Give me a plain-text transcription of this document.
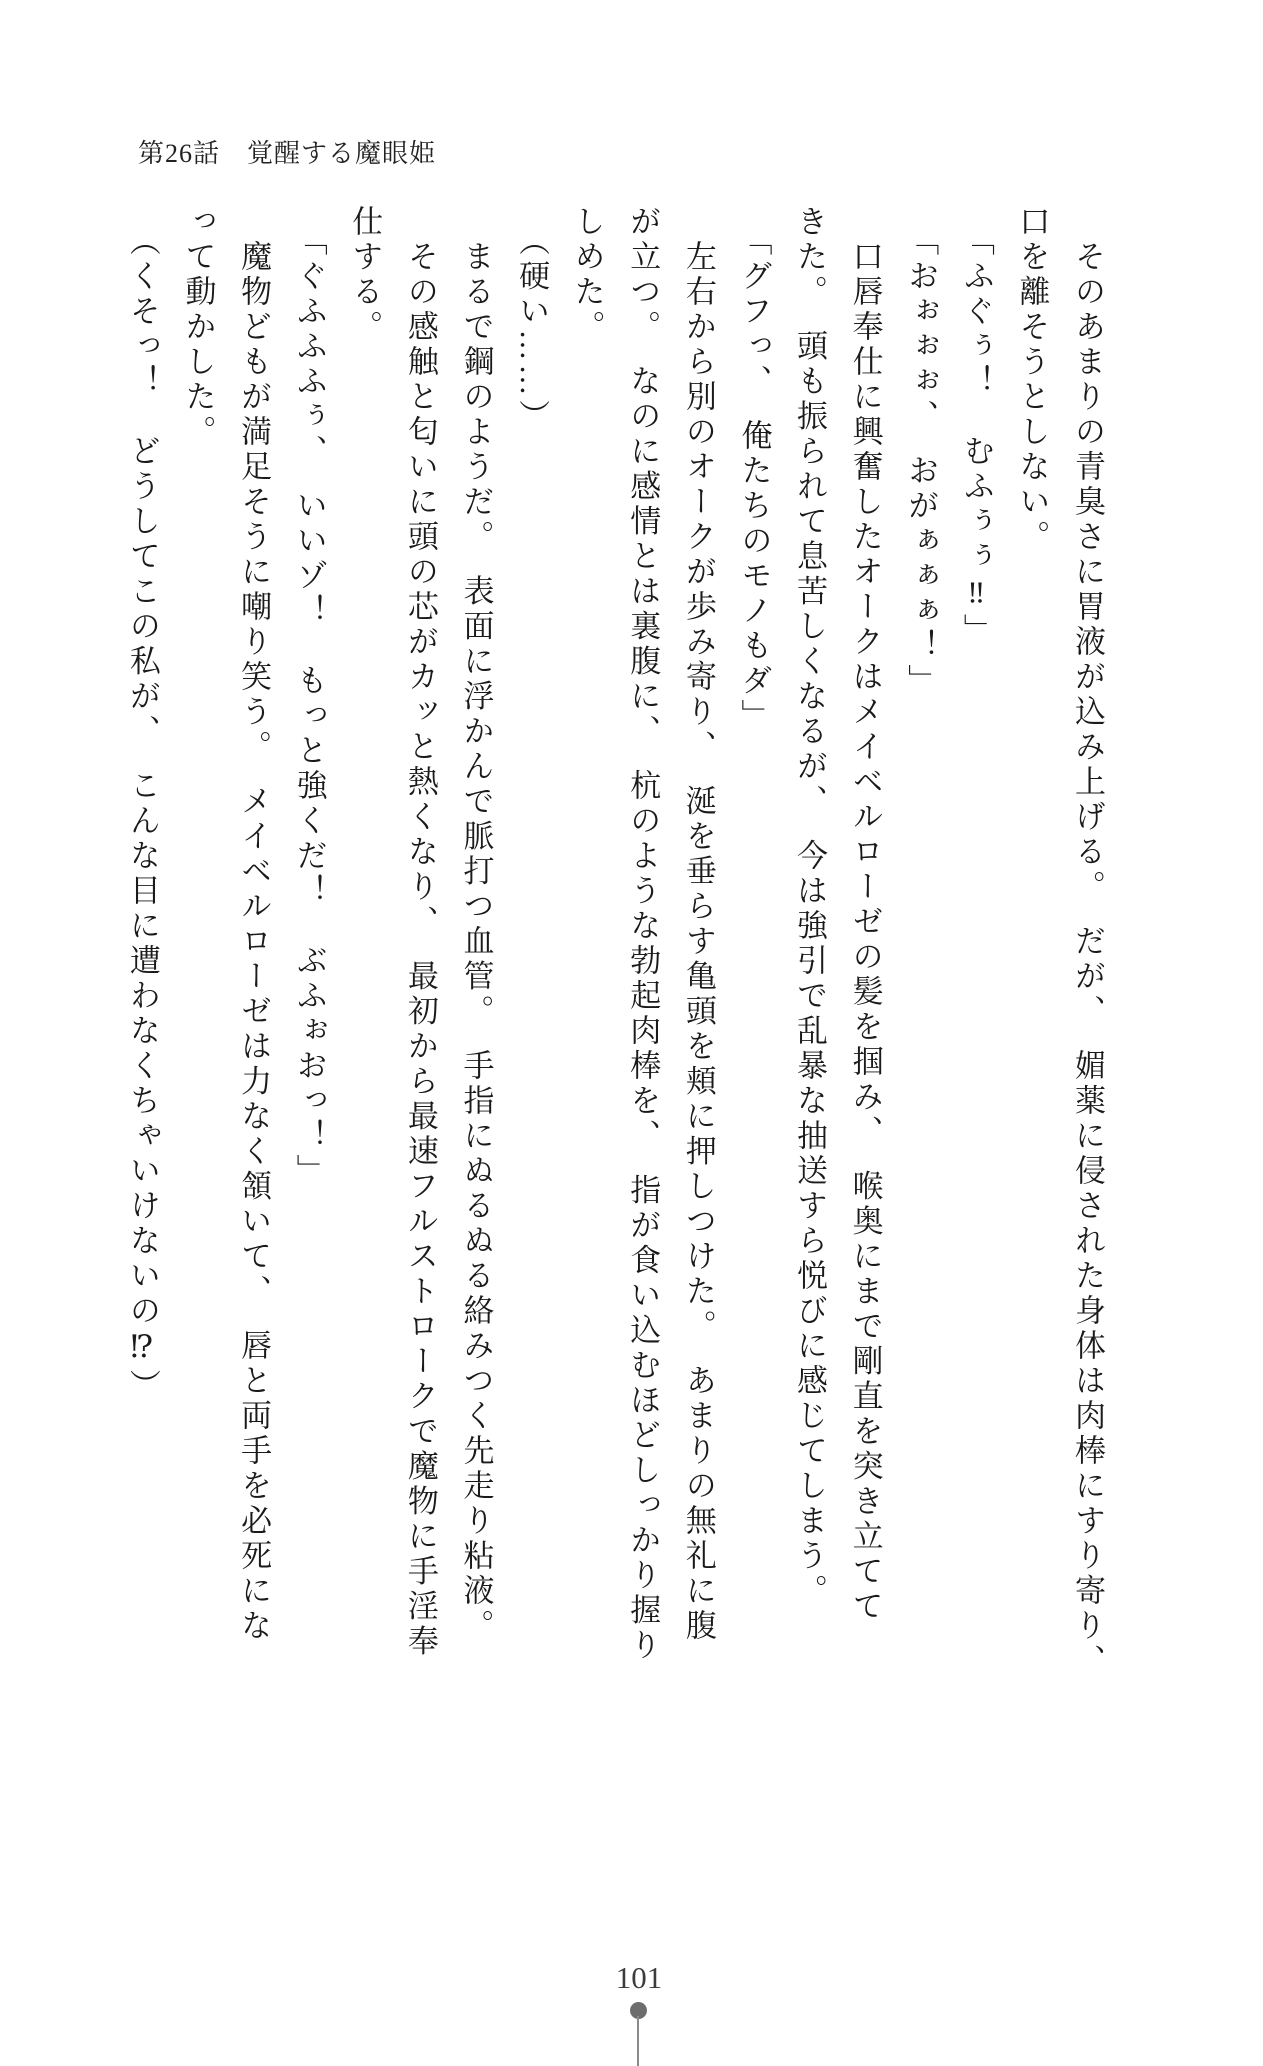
第26話　覚醒する魔眼姫
　そのあまりの青臭さに胃液が込み上げる。　だが、　媚薬に侵された身体は肉棒にすり寄り、
口を離そうとしない。
　「ふぐぅ！　むふぅぅ‼」
　「おぉぉぉ、　おがぁぁぁ！」
　口唇奉仕に興奮したオークはメイベルローゼの髪を掴み、　喉奥にまで剛直を突き立てて
きた。　頭も振られて息苦しくなるが、　今は強引で乱暴な抽送すら悦びに感じてしまう。
　「グフっ、　俺たちのモノもダ」
　左右から別のオークが歩み寄り、　涎を垂らす亀頭を頬に押しつけた。　あまりの無礼に腹
が立つ。　なのに感情とは裏腹に、　杭のような勃起肉棒を、　指が食い込むほどしっかり握り
しめた。
　（硬い……）
　まるで鋼のようだ。　表面に浮かんで脈打つ血管。　手指にぬるぬる絡みつく先走り粘液。
　その感触と匂いに頭の芯がカッと熱くなり、　最初から最速フルストロークで魔物に手淫奉
仕する。
　「ぐふふふぅ、　いいゾ！　もっと強くだ！　ぶふぉおっ！」
　魔物どもが満足そうに嘲り笑う。　メイベルローゼは力なく頷いて、　唇と両手を必死にな
って動かした。
　（くそっ！　どうしてこの私が、　こんな目に遭わなくちゃいけないの⁉）
101
